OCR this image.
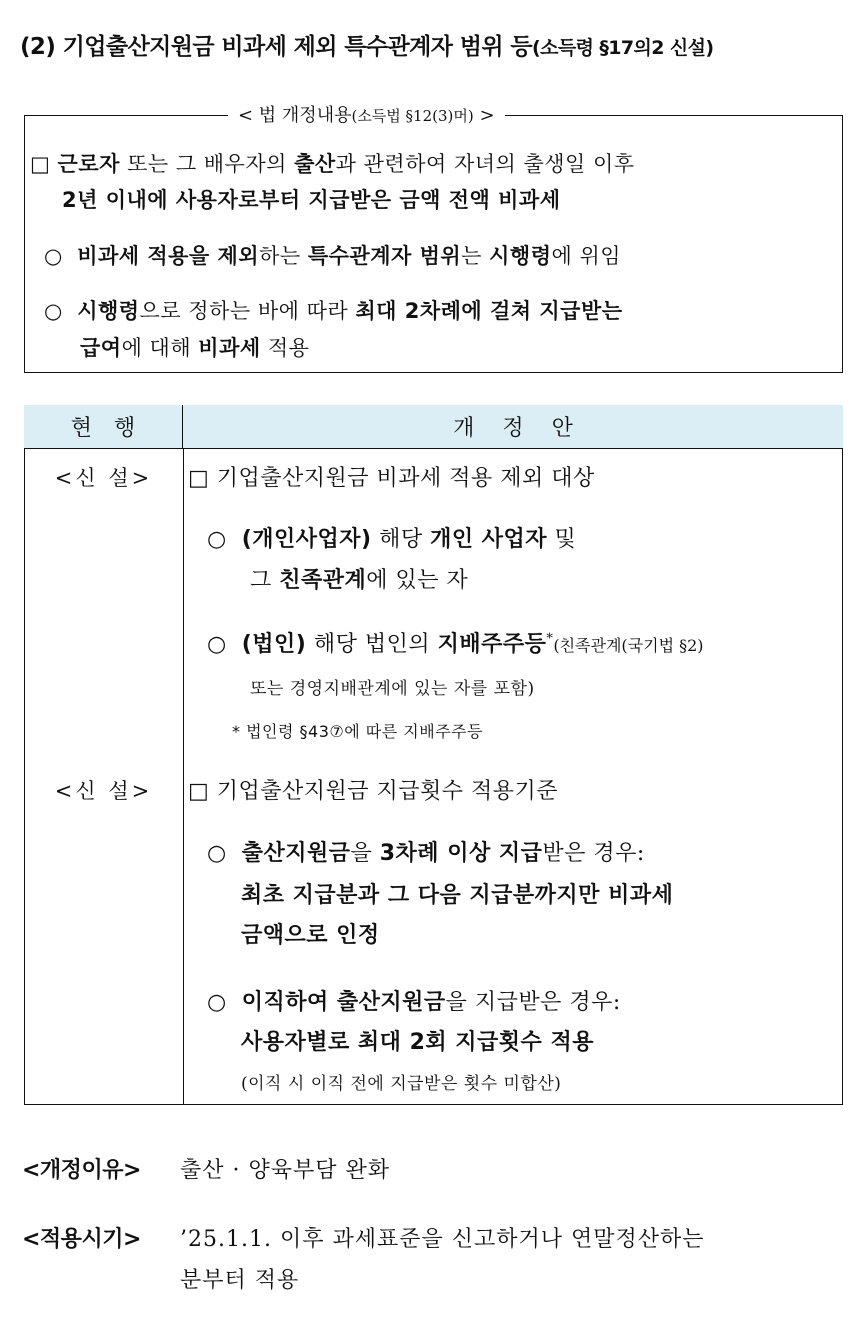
(2) 기업출산지원금 비과세 제외 특수관계자 범위 등(소득령 §17의2 신설)
< 법 개정내용(소득법 §12(3)머) >
□ 근로자 또는 그 배우자의 출산과 관련하여 자녀의 출생일 이후
2년 이내에 사용자로부터 지급받은 금액 전액 비과세
○ 비과세 적용을 제외하는 특수관계자 범위는 시행령에 위임
○ 시행령으로 정하는 바에 따라 최대 2차례에 걸쳐 지급받는
급여에 대해 비과세 적용
현행	개정안
<신 설>	□ 기업출산지원금 비과세 적용 제외 대상
○ (개인사업자) 해당 개인 사업자 및
그 친족관계에 있는 자
○ (법인) 해당 법인의 지배주주등*(친족관계(국기법 §2)
또는 경영지배관계에 있는 자를 포함)
* 법인령 §43⑦에 따른 지배주주등
<신 설>	□ 기업출산지원금 지급횟수 적용기준
○ 출산지원금을 3차례 이상 지급받은 경우:
최초 지급분과 그 다음 지급분까지만 비과세
금액으로 인정
○ 이직하여 출산지원금을 지급받은 경우:
사용자별로 최대 2회 지급횟수 적용
(이직 시 이직 전에 지급받은 횟수 미합산)
<개정이유> 출산 · 양육부담 완화
<적용시기> ’25.1.1. 이후 과세표준을 신고하거나 연말정산하는
분부터 적용
